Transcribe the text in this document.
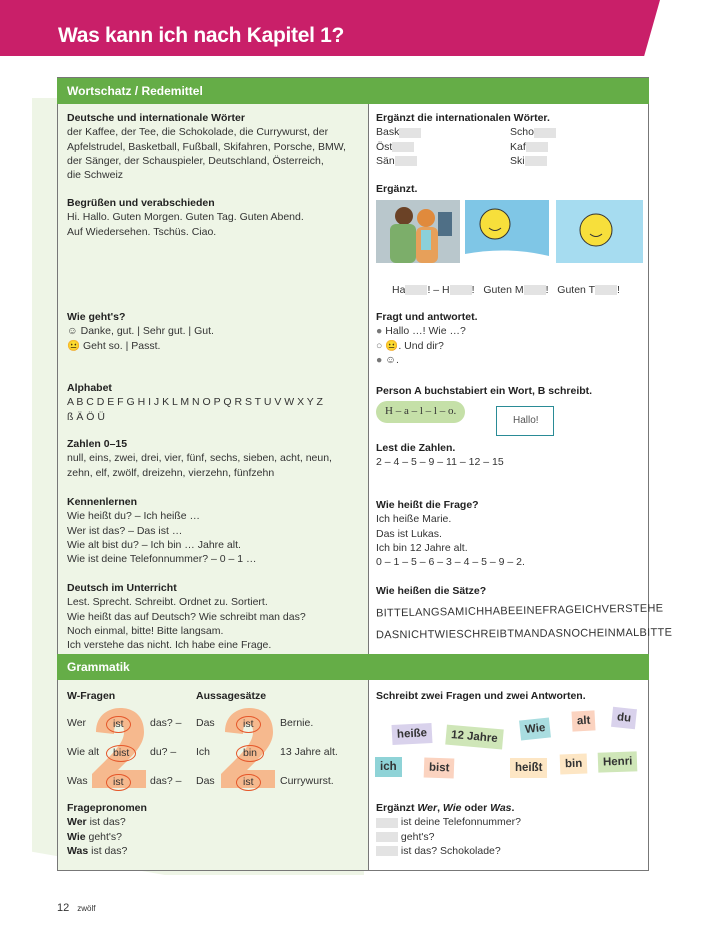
Was kann ich nach Kapitel 1?
Wortschatz / Redemittel
Grammatik
Deutsche und internationale Wörter
der Kaffee, der Tee, die Schokolade, die Currywurst, der
Apfelstrudel, Basketball, Fußball, Skifahren, Porsche, BMW,
der Sänger, der Schauspieler, Deutschland, Österreich,
die Schweiz
Begrüßen und verabschieden
Hi. Hallo. Guten Morgen. Guten Tag. Guten Abend.
Auf Wiedersehen. Tschüs. Ciao.
Wie geht's?
☺ Danke, gut. | Sehr gut. | Gut.
😐 Geht so. | Passt.
Alphabet
A B C D E F G H I J K L M N O P Q R S T U V W X Y Z
ß Ä Ö Ü
Zahlen 0–15
null, eins, zwei, drei, vier, fünf, sechs, sieben, acht, neun,
zehn, elf, zwölf, dreizehn, vierzehn, fünfzehn
Kennenlernen
Wie heißt du? – Ich heiße …
Wer ist das? – Das ist …
Wie alt bist du? – Ich bin … Jahre alt.
Wie ist deine Telefonnummer? – 0 – 1 …
Deutsch im Unterricht
Lest. Sprecht. Schreibt. Ordnet zu. Sortiert.
Wie heißt das auf Deutsch? Wie schreibt man das?
Noch einmal, bitte! Bitte langsam.
Ich verstehe das nicht. Ich habe eine Frage.
Ergänzt die internationalen Wörter.
Bask	Scho
Öst	Kaf
Sän	Ski
Ergänzt.
Ha ! – H ! Guten M ! Guten T !
Fragt und antwortet.
● Hallo …! Wie …?
○ 😐. Und dir?
● ☺.
Person A buchstabiert ein Wort, B schreibt.
H – a – l – l – o.
Hallo!
Lest die Zahlen.
2 – 4 – 5 – 9 – 11 – 12 – 15
Wie heißt die Frage?
Ich heiße Marie.
Das ist Lukas.
Ich bin 12 Jahre alt.
0 – 1 – 5 – 6 – 3 – 4 – 5 – 9 – 2.
Wie heißen die Sätze?
BITTELANGSAMICHHABEEINEFRAGEICHVERSTEHE
DASNICHTWIESCHREIBTMANDASNOCHEINMALBITTE
W-Fragen	Aussagesätze
Wer	ist	das? – Das	ist	Bernie.
Wie alt	bist	du? – Ich	bin	13 Jahre alt.
Was	ist	das? – Das	ist	Currywurst.
Fragepronomen
Wer ist das?
Wie geht's?
Was ist das?
Schreibt zwei Fragen und zwei Antworten.
heiße	12 Jahre	Wie
alt	du
ich	bist	heißt	bin	Henri
Ergänzt Wer, Wie oder Was.
ist deine Telefonnummer?
geht's?
ist das? Schokolade?
12 zwölf
